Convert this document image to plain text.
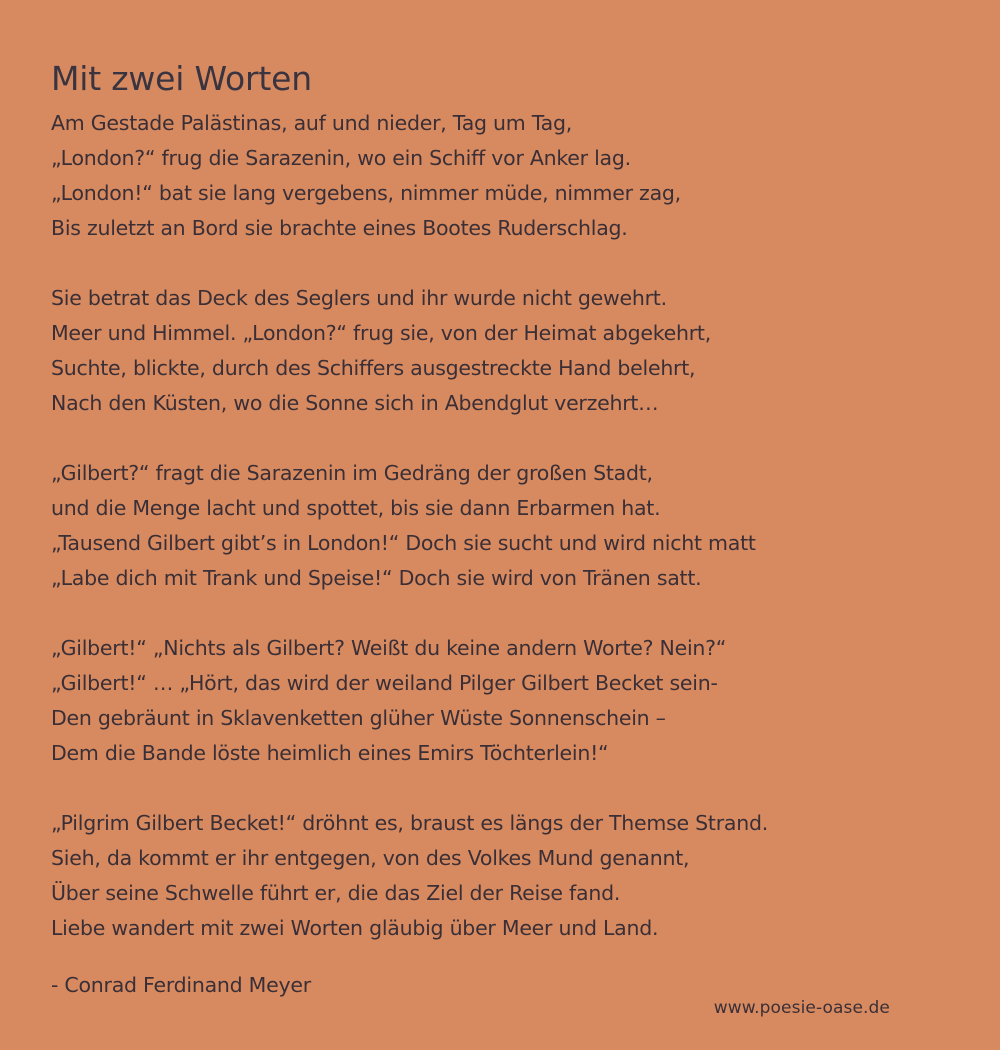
Mit zwei Worten
Am Gestade Palästinas, auf und nieder, Tag um Tag,
„London?“ frug die Sarazenin, wo ein Schiff vor Anker lag.
„London!“ bat sie lang vergebens, nimmer müde, nimmer zag,
Bis zuletzt an Bord sie brachte eines Bootes Ruderschlag.
Sie betrat das Deck des Seglers und ihr wurde nicht gewehrt.
Meer und Himmel. „London?“ frug sie, von der Heimat abgekehrt,
Suchte, blickte, durch des Schiffers ausgestreckte Hand belehrt,
Nach den Küsten, wo die Sonne sich in Abendglut verzehrt…
„Gilbert?“ fragt die Sarazenin im Gedräng der großen Stadt,
und die Menge lacht und spottet, bis sie dann Erbarmen hat.
„Tausend Gilbert gibt’s in London!“ Doch sie sucht und wird nicht matt
„Labe dich mit Trank und Speise!“ Doch sie wird von Tränen satt.
„Gilbert!“ „Nichts als Gilbert? Weißt du keine andern Worte? Nein?“
„Gilbert!“ … „Hört, das wird der weiland Pilger Gilbert Becket sein-
Den gebräunt in Sklavenketten glüher Wüste Sonnenschein –
Dem die Bande löste heimlich eines Emirs Töchterlein!“
„Pilgrim Gilbert Becket!“ dröhnt es, braust es längs der Themse Strand.
Sieh, da kommt er ihr entgegen, von des Volkes Mund genannt,
Über seine Schwelle führt er, die das Ziel der Reise fand.
Liebe wandert mit zwei Worten gläubig über Meer und Land.
- Conrad Ferdinand Meyer
www.poesie-oase.de
